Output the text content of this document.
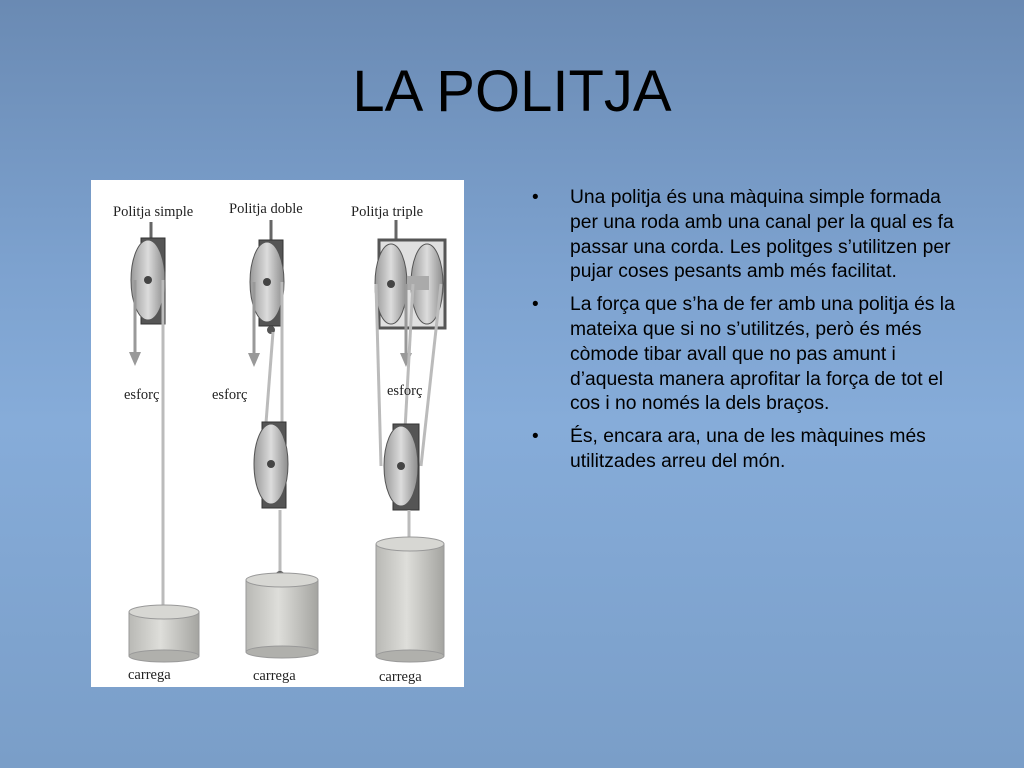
LA POLITJA
Politja simple Politja doble	Politja triple
esforç
carrega
esforç
carrega
esforç
carrega
• Una politja és una màquina simple formada per una roda amb una canal per la qual es fa passar una corda. Les politges s’utilitzen per pujar coses pesants amb més facilitat.
• La força que s’ha de fer amb una politja és la mateixa que si no s’utilitzés, però és més còmode tibar avall que no pas amunt i d’aquesta manera aprofitar la força de tot el cos i no només la dels braços.
• És, encara ara, una de les màquines més utilitzades arreu del món.
